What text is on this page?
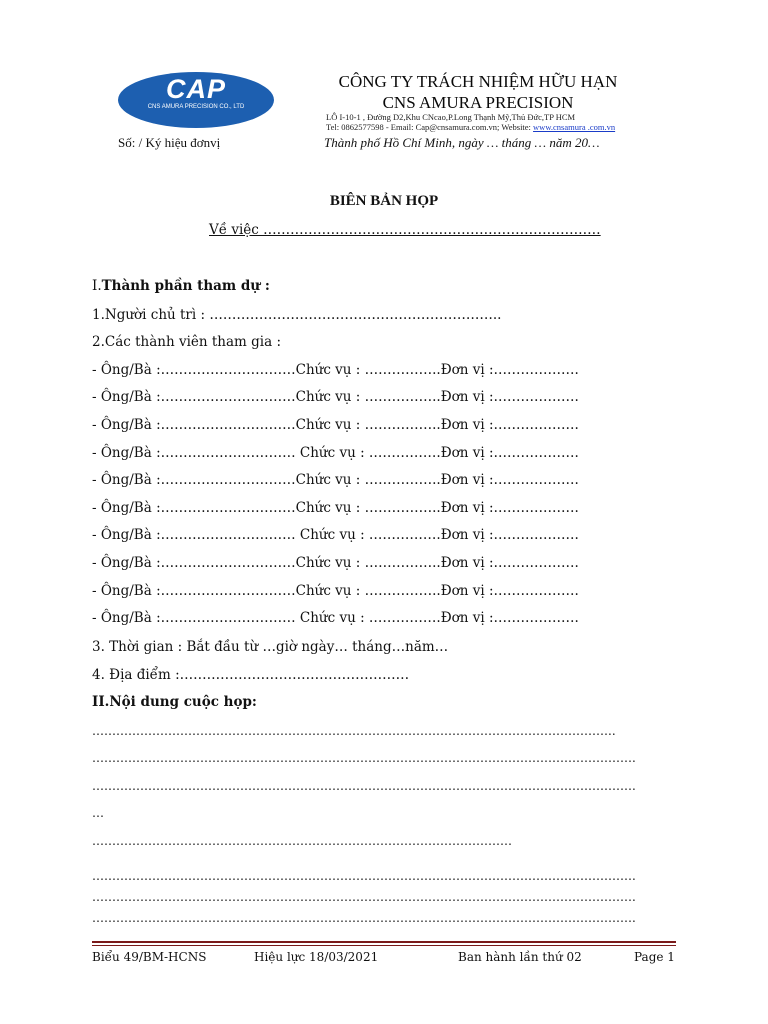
CAP
CNS AMURA PRECISION CO., LTD
CÔNG TY TRÁCH NHIỆM HỮU HẠN
CNS AMURA PRECISION
LÔ I-10-1 , Đường D2,Khu CNcao,P.Long Thạnh Mỹ,Thủ Đức,TP HCM
Tel: 0862577598 - Email: Cap@cnsamura.com.vn; Website: www.cnsamura .com.vn
Số: / Ký hiệu đơnvị	Thành phố Hồ Chí Minh, ngày … tháng … năm 20…
BIÊN BẢN HỌP
Về việc …………………………………………………………………
I.Thành phần tham dự :
1.Người chủ trì : ………………………………………………………..
2.Các thành viên tham gia :
- Ông/Bà :…………………………Chức vụ : ……………..Đơn vị :……………….
- Ông/Bà :…………………………Chức vụ : ……………..Đơn vị :……………….
- Ông/Bà :…………………………Chức vụ : ……………..Đơn vị :……………….
- Ông/Bà :………………………… Chức vụ : …………….Đơn vị :……………….
- Ông/Bà :…………………………Chức vụ : ……………..Đơn vị :……………….
- Ông/Bà :…………………………Chức vụ : ……………..Đơn vị :……………….
- Ông/Bà :………………………… Chức vụ : …………….Đơn vị :……………….
- Ông/Bà :…………………………Chức vụ : ……………..Đơn vị :……………….
- Ông/Bà :…………………………Chức vụ : ……………..Đơn vị :……………….
- Ông/Bà :………………………… Chức vụ : …………….Đơn vị :……………….
3. Thời gian : Bắt đầu từ …giờ ngày… tháng…năm…
4. Địa điểm :……………………………………………
II.Nội dung cuộc họp:
…………………………………………………………………………………………………………………..
……………………………………………………………………………………………………………………….
……………………………………………………………………………………………………………………….
…
……………………………………………………………………………………………
……………………………………………………………………………………………………………………….
……………………………………………………………………………………………………………………….
……………………………………………………………………………………………………………………….
Biểu 49/BM-HCNS	Hiệu lực 18/03/2021	Ban hành lần thứ 02	Page 1
